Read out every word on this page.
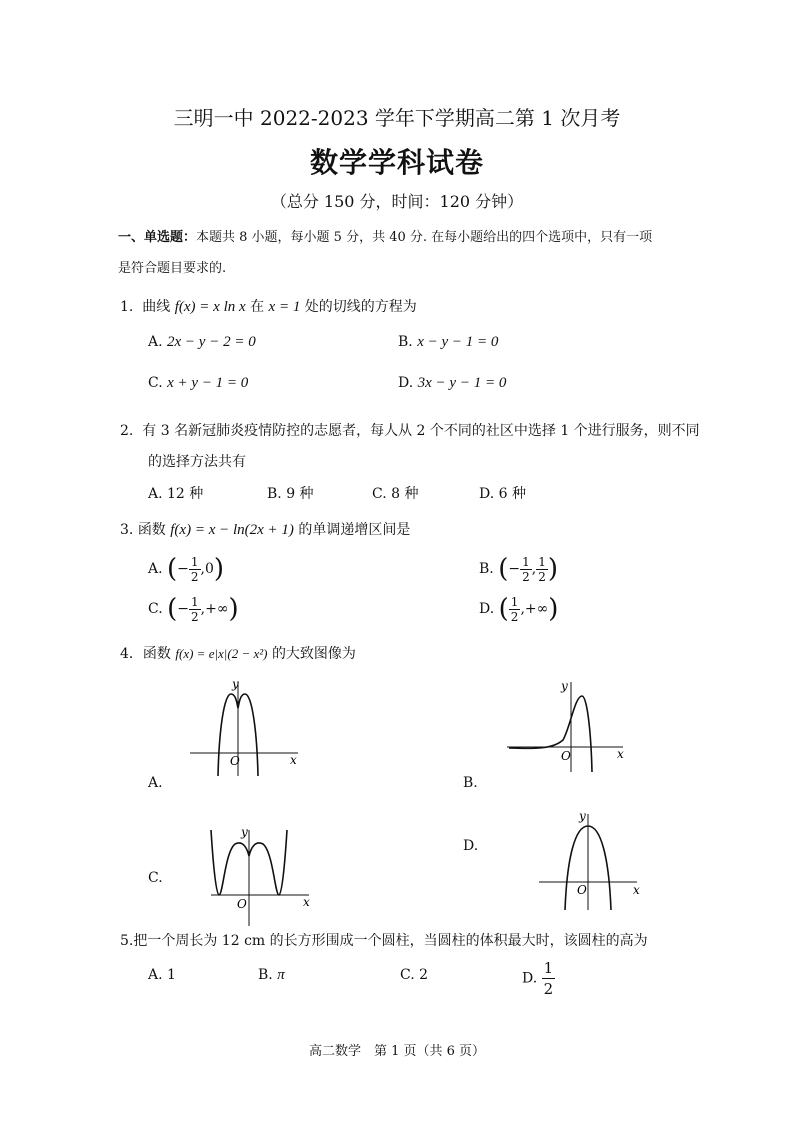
三明一中 2022-2023 学年下学期高二第 1 次月考
数学学科试卷
（总分 150 分，时间：120 分钟）
一、单选题：本题共 8 小题，每小题 5 分，共 40 分. 在每小题给出的四个选项中，只有一项
是符合题目要求的.
1. 曲线 f(x) = x ln x 在 x = 1 处的切线的方程为
A. 2x − y − 2 = 0	B. x − y − 1 = 0
C. x + y − 1 = 0	D. 3x − y − 1 = 0
2. 有 3 名新冠肺炎疫情防控的志愿者，每人从 2 个不同的社区中选择 1 个进行服务，则不同
的选择方法共有
A. 12 种	B. 9 种	C. 8 种	D. 6 种
3. 函数 f(x) = x − ln(2x + 1) 的单调递增区间是
A. (− $\frac{1}{2} ,0$)	B. (− $\frac{1}{2}$ , $\frac{1}{2}$ )
C. (− $\frac{1}{2}$ ,+∞)	D. ( $\frac{1}{2}$ ,+∞)
4．函数 f(x) = e|x|(2 − x²) 的大致图像为
A.	B.
C.
D.
y
x
O
y
x
O
y
x
O
y
x
O
5.把一个周长为 12 cm 的长方形围成一个圆柱，当圆柱的体积最大时，该圆柱的高为
A. 1	B. π	C. 2	D. $\frac{1}{2}$
高二数学　第 1 页（共 6 页）
